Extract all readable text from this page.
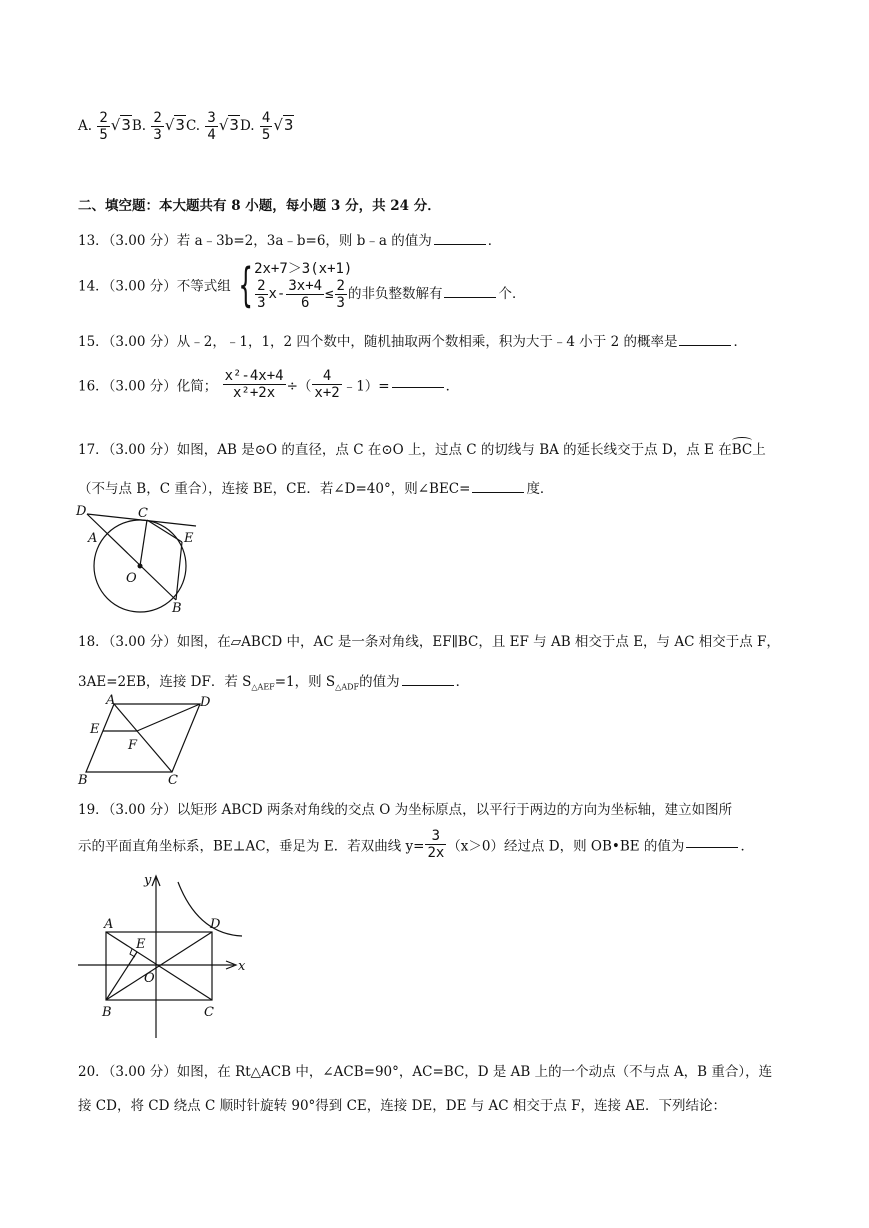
A. $\frac{2}{5} √3B$. $\frac{2}{3} √3C$. $\frac{3}{4} √3D$. $\frac{4}{5} √3$
二、填空题：本大题共有 8 小题，每小题 3 分，共 24 分．
13．（3.00 分）若 a﹣3b=2，3a﹣b=6，则 b﹣a 的值为	．
14．（3.00 分）不等式组 { 2x+7＞3(x+1)
$\frac{2}{3} x- \frac{3x+4}{6} \le \frac{2}{3}$ 的非负整数解有	个．
15．（3.00 分）从﹣2，﹣1，1，2 四个数中，随机抽取两个数相乘，积为大于﹣4 小于 2 的概率是	．
16．（3.00 分）化简； $\frac{\text{x²-4x+4}}{\text{x²+2x}}$ ÷（ $\frac{4}{x+2}$ ﹣1）=	．
17．（3.00 分）如图，AB 是⊙O 的直径，点 C 在⊙O 上，过点 C 的切线与 BA 的延长线交于点 D，点 E 在BC上
（不与点 B，C 重合），连接 BE，CE．若∠D=40°，则∠BEC=	度．
D	C
A	E
O
B
18．（3.00 分）如图，在▱ABCD 中，AC 是一条对角线，EF∥BC，且 EF 与 AB 相交于点 E，与 AC 相交于点 F，
3AE=2EB，连接 DF．若 $S_{\triangle AEF}=1$，则 $S_{\triangle ADF}$的值为	．
A	D
E
F
B	C
19．（3.00 分）以矩形 ABCD 两条对角线的交点 O 为坐标原点，以平行于两边的方向为坐标轴，建立如图所
示的平面直角坐标系，BE⊥AC，垂足为 E．若双曲线 $y= \frac{3}{2x} (x>0)$经过点 D，则 OB•BE 的值为	．
y
x
A	D
E
O
B	C
20．（3.00 分）如图，在 Rt△ACB 中，∠ACB=90°，AC=BC，D 是 AB 上的一个动点（不与点 A，B 重合），连
接 CD，将 CD 绕点 C 顺时针旋转 90°得到 CE，连接 DE，DE 与 AC 相交于点 F，连接 AE．下列结论：
